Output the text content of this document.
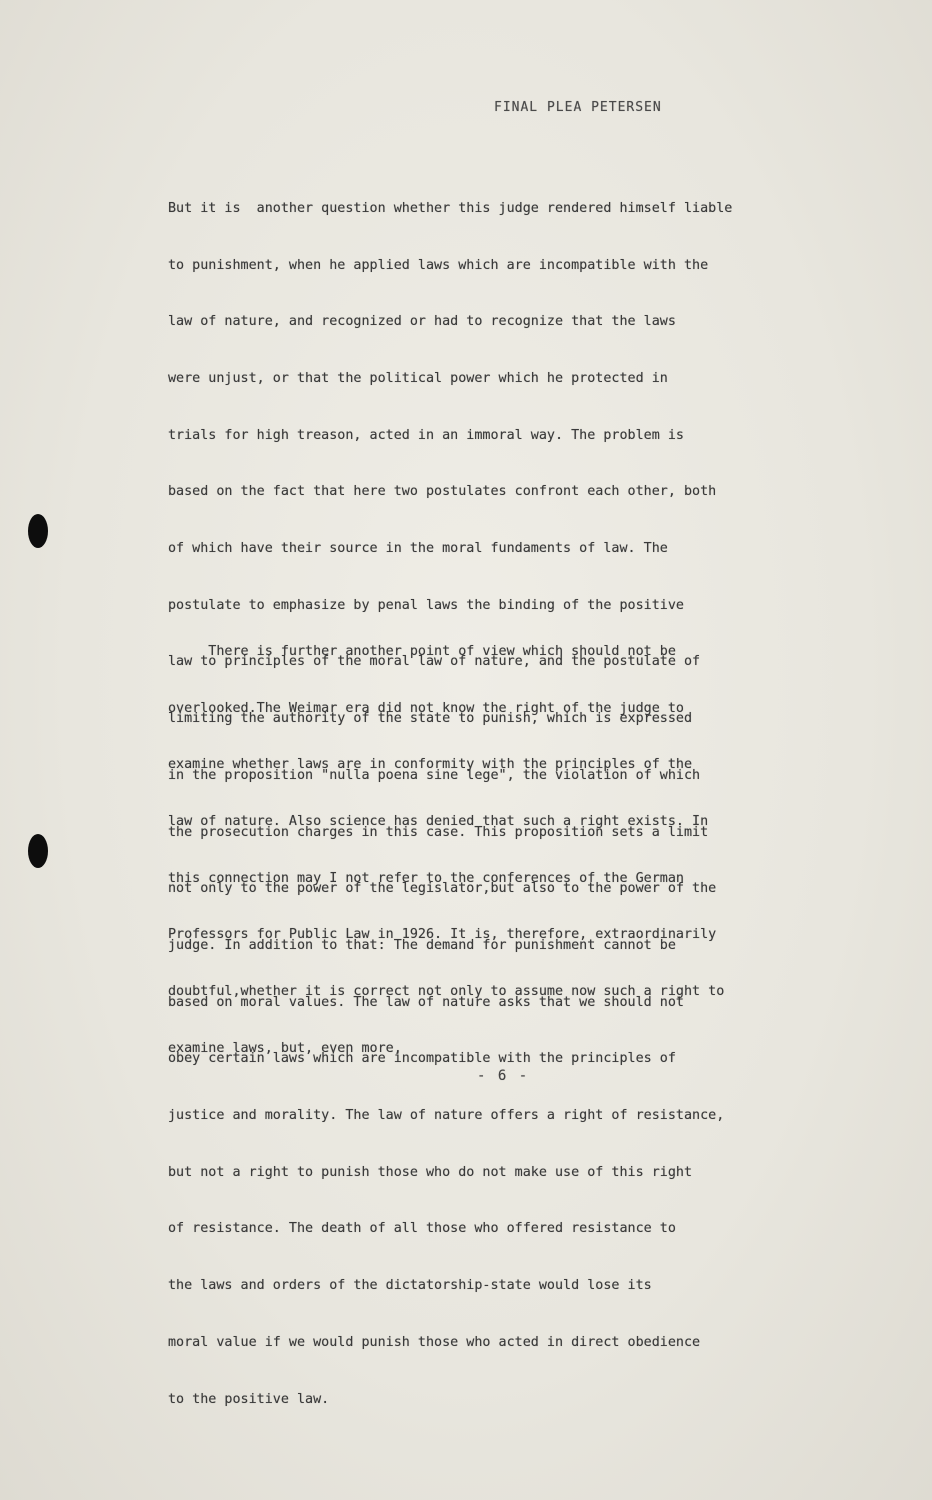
FINAL PLEA PETERSEN

But it is  another question whether this judge rendered himself liable

to punishment, when he applied laws which are incompatible with the

law of nature, and recognized or had to recognize that the laws

were unjust, or that the political power which he protected in

trials for high treason, acted in an immoral way. The problem is

based on the fact that here two postulates confront each other, both

of which have their source in the moral fundaments of law. The

postulate to emphasize by penal laws the binding of the positive

law to principles of the moral law of nature, and the postulate of

limiting the authority of the state to punish, which is expressed

in the proposition "nulla poena sine lege", the violation of which

the prosecution charges in this case. This proposition sets a limit

not only to the power of the legislator,but also to the power of the

judge. In addition to that: The demand for punishment cannot be

based on moral values. The law of nature asks that we should not

obey certain laws which are incompatible with the principles of

justice and morality. The law of nature offers a right of resistance,

but not a right to punish those who do not make use of this right

of resistance. The death of all those who offered resistance to

the laws and orders of the dictatorship-state would lose its

moral value if we would punish those who acted in direct obedience

to the positive law.

There is further another point of view which should not be

overlooked.The Weimar era did not know the right of the judge to

examine whether laws are in conformity with the principles of the

law of nature. Also science has denied that such a right exists. In

this connection may I not refer to the conferences of the German

Professors for Public Law in 1926. It is, therefore, extraordinarily

doubtful,whether it is correct not only to assume now such a right to

examine laws, but, even more,

- 6 -
